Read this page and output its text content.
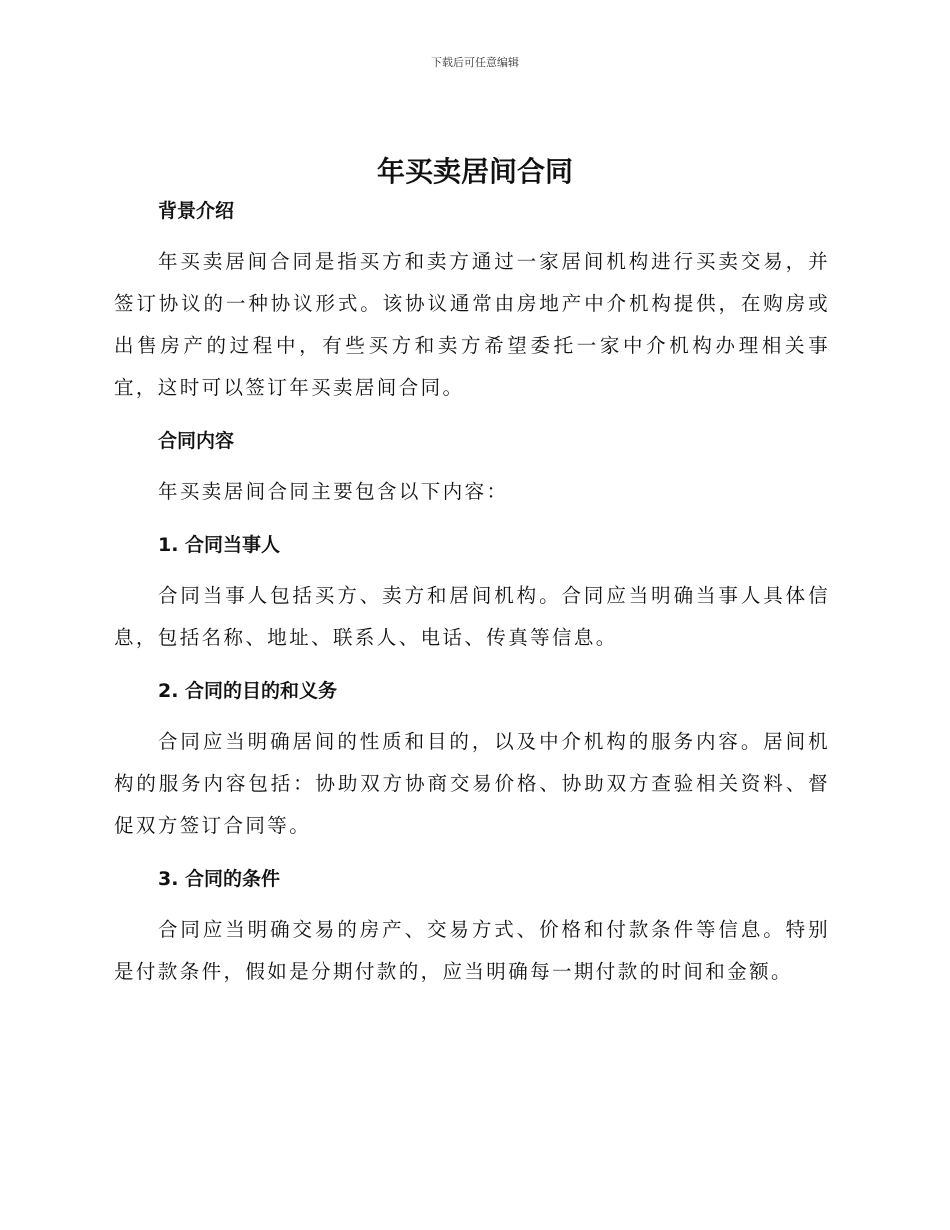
下载后可任意编辑
年买卖居间合同
背景介绍

年买卖居间合同是指买方和卖方通过一家居间机构进行买卖交易，并签订协议的一种协议形式。该协议通常由房地产中介机构提供，在购房或出售房产的过程中，有些买方和卖方希望委托一家中介机构办理相关事宜，这时可以签订年买卖居间合同。

合同内容

年买卖居间合同主要包含以下内容：

1. 合同当事人

合同当事人包括买方、卖方和居间机构。合同应当明确当事人具体信息，包括名称、地址、联系人、电话、传真等信息。

2. 合同的目的和义务

合同应当明确居间的性质和目的，以及中介机构的服务内容。居间机构的服务内容包括：协助双方协商交易价格、协助双方查验相关资料、督促双方签订合同等。

3. 合同的条件

合同应当明确交易的房产、交易方式、价格和付款条件等信息。特别是付款条件，假如是分期付款的，应当明确每一期付款的时间和金额。
